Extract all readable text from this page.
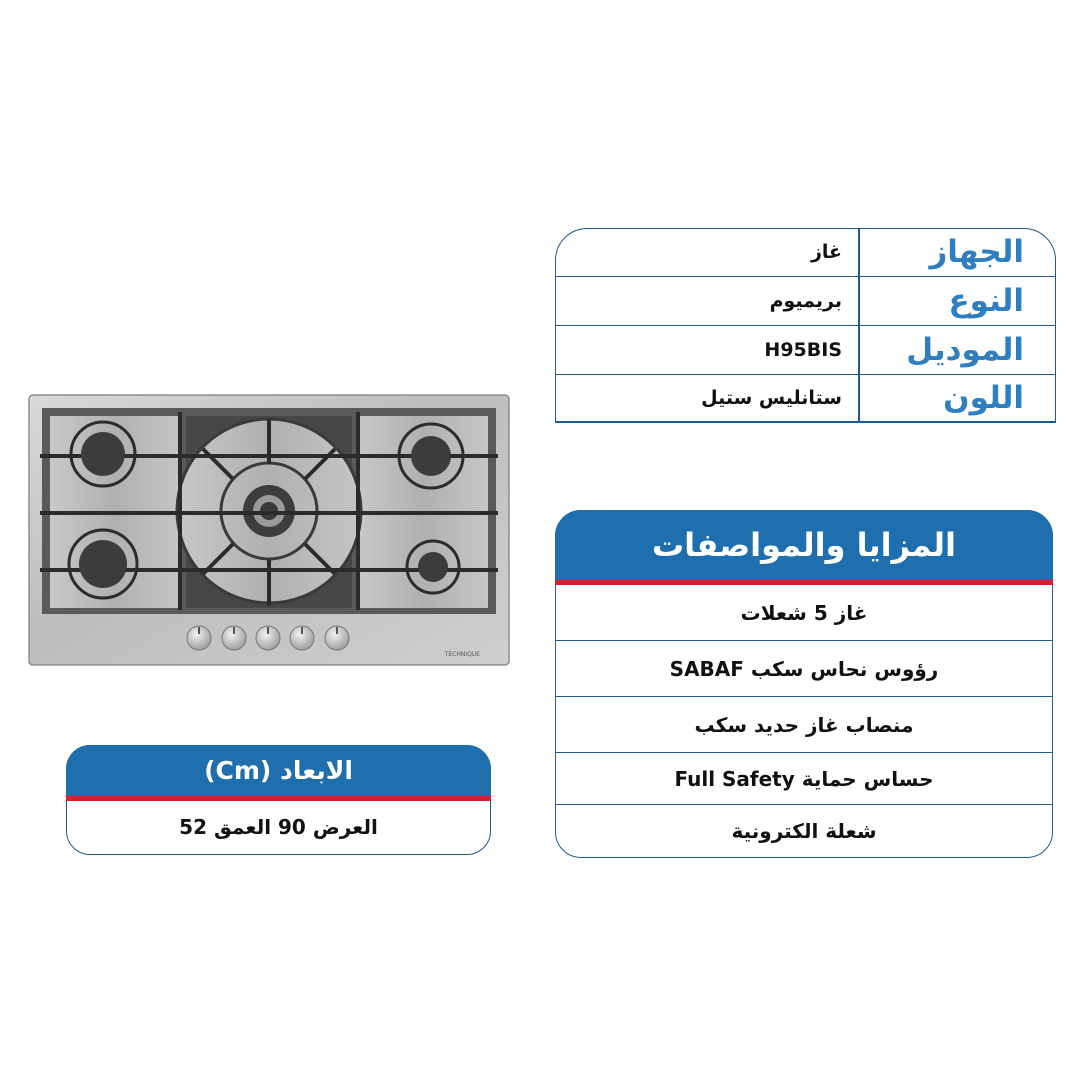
الجهاز
غاز
النوع
بريميوم
الموديل
H95BIS
اللون
ستانليس ستيل
TECHNIQUE
المزايا والمواصفات
غاز 5 شعلات
رؤوس نحاس سكب SABAF
منصاب غاز حديد سكب
حساس حماية Full Safety
شعلة الكترونية
الابعاد (Cm)
العرض 90 العمق 52
